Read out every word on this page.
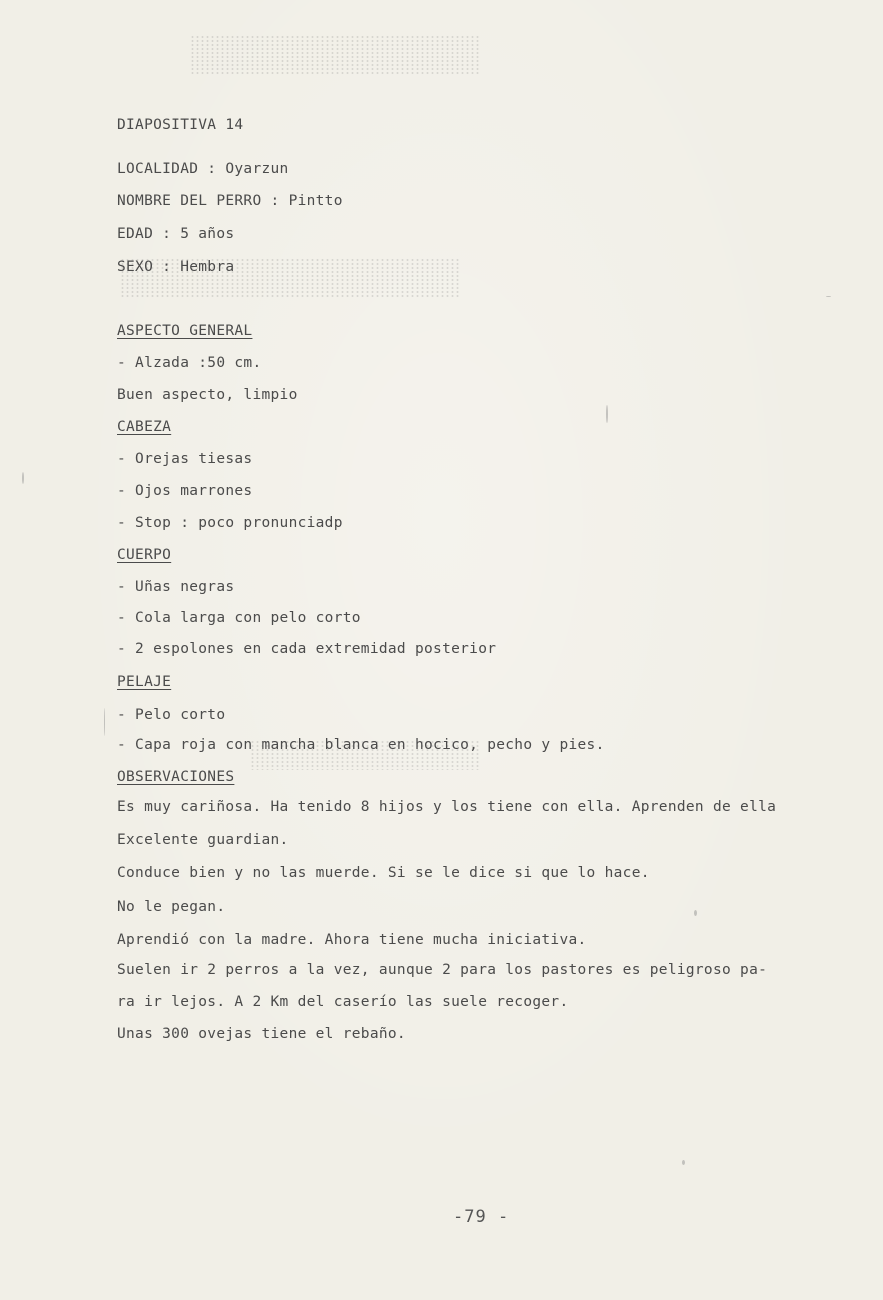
DIAPOSITIVA 14
LOCALIDAD : Oyarzun
NOMBRE DEL PERRO : Pintto
EDAD : 5 años
SEXO : Hembra
ASPECTO GENERAL
- Alzada :50 cm.
Buen aspecto, limpio
CABEZA
- Orejas tiesas
- Ojos marrones
- Stop : poco pronunciadp
CUERPO
- Uñas negras
- Cola larga con pelo corto
- 2 espolones en cada extremidad posterior
PELAJE
- Pelo corto
- Capa roja con mancha blanca en hocico, pecho y pies.
OBSERVACIONES
Es muy cariñosa. Ha tenido 8 hijos y los tiene con ella. Aprenden de ella
Excelente guardian.
Conduce bien y no las muerde. Si se le dice si que lo hace.
No le pegan.
Aprendió con la madre. Ahora tiene mucha iniciativa.
Suelen ir 2 perros a la vez, aunque 2 para los pastores es peligroso pa-
ra ir lejos. A 2 Km del caserío las suele recoger.
Unas 300 ovejas tiene el rebaño.
-79 -
